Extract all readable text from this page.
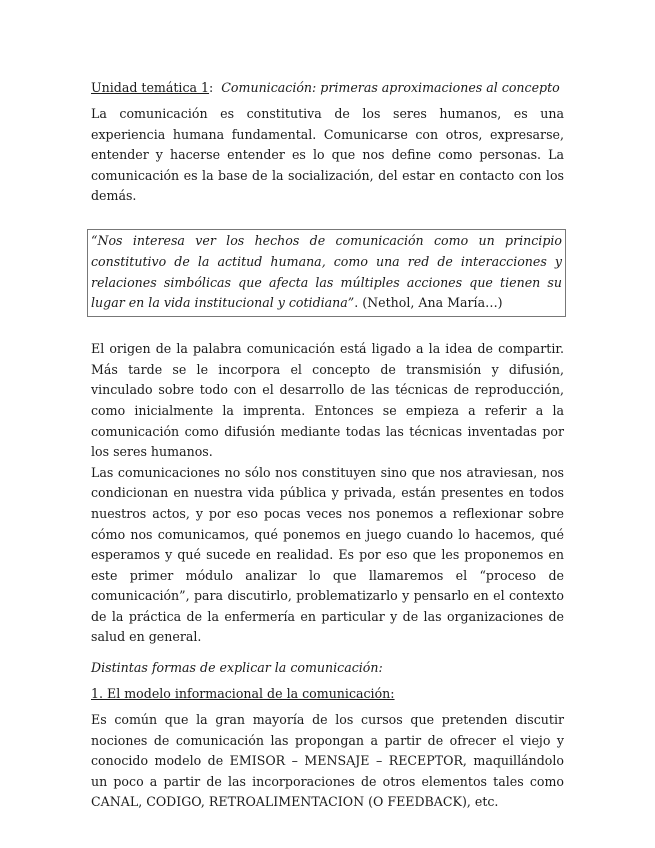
Unidad temática 1: Comunicación: primeras aproximaciones al concepto

La comunicación es constitutiva de los seres humanos, es una experiencia humana fundamental. Comunicarse con otros, expresarse, entender y hacerse entender es lo que nos define como personas. La comunicación es la base de la socialización, del estar en contacto con los demás.

“Nos interesa ver los hechos de comunicación como un principio constitutivo de la actitud humana, como una red de interacciones y relaciones simbólicas que afecta las múltiples acciones que tienen su lugar en la vida institucional y cotidiana”. (Nethol, Ana María…)

El origen de la palabra comunicación está ligado a la idea de compartir. Más tarde se le incorpora el concepto de transmisión y difusión, vinculado sobre todo con el desarrollo de las técnicas de reproducción, como inicialmente la imprenta. Entonces se empieza a referir a la comunicación como difusión mediante todas las técnicas inventadas por los seres humanos.

Las comunicaciones no sólo nos constituyen sino que nos atraviesan, nos condicionan en nuestra vida pública y privada, están presentes en todos nuestros actos, y por eso pocas veces nos ponemos a reflexionar sobre cómo nos comunicamos, qué ponemos en juego cuando lo hacemos, qué esperamos y qué sucede en realidad. Es por eso que les proponemos en este primer módulo analizar lo que llamaremos el “proceso de comunicación”, para discutirlo, problematizarlo y pensarlo en el contexto de la práctica de la enfermería en particular y de las organizaciones de salud en general.

Distintas formas de explicar la comunicación:
1. El modelo informacional de la comunicación:

Es común que la gran mayoría de los cursos que pretenden discutir nociones de comunicación las propongan a partir de ofrecer el viejo y conocido modelo de EMISOR – MENSAJE – RECEPTOR, maquillándolo un poco a partir de las incorporaciones de otros elementos tales como CANAL, CODIGO, RETROALIMENTACION (O FEEDBACK), etc.
